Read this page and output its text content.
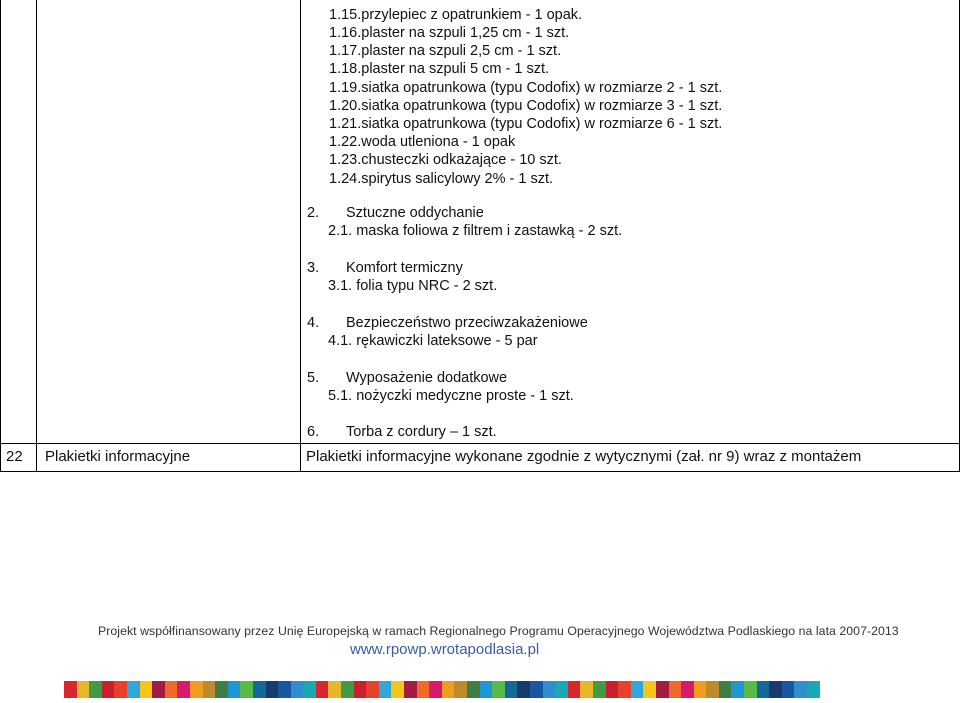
1.15.przylepiec z opatrunkiem - 1 opak.
1.16.plaster na szpuli 1,25 cm - 1 szt.
1.17.plaster na szpuli 2,5 cm - 1 szt.
1.18.plaster na szpuli 5 cm - 1 szt.
1.19.siatka opatrunkowa (typu Codofix) w rozmiarze 2 - 1 szt.
1.20.siatka opatrunkowa (typu Codofix) w rozmiarze 3 - 1 szt.
1.21.siatka opatrunkowa (typu Codofix) w rozmiarze 6 - 1 szt.
1.22.woda utleniona - 1 opak
1.23.chusteczki odkażające - 10 szt.
1.24.spirytus salicylowy 2% - 1 szt.
2. Sztuczne oddychanie
2.1. maska foliowa z filtrem i zastawką - 2 szt.
3. Komfort termiczny
3.1. folia typu NRC - 2 szt.
4. Bezpieczeństwo przeciwzakażeniowe
4.1. rękawiczki lateksowe - 5 par
5. Wyposażenie dodatkowe
5.1. nożyczki medyczne proste - 1 szt.
6. Torba z cordury – 1 szt.
22 Plakietki informacyjne	Plakietki informacyjne wykonane zgodnie z wytycznymi (zał. nr 9) wraz z montażem
Projekt współfinansowany przez Unię Europejską w ramach Regionalnego Programu Operacyjnego Województwa Podlaskiego na lata 2007-2013
www.rpowp.wrotapodlasia.pl
